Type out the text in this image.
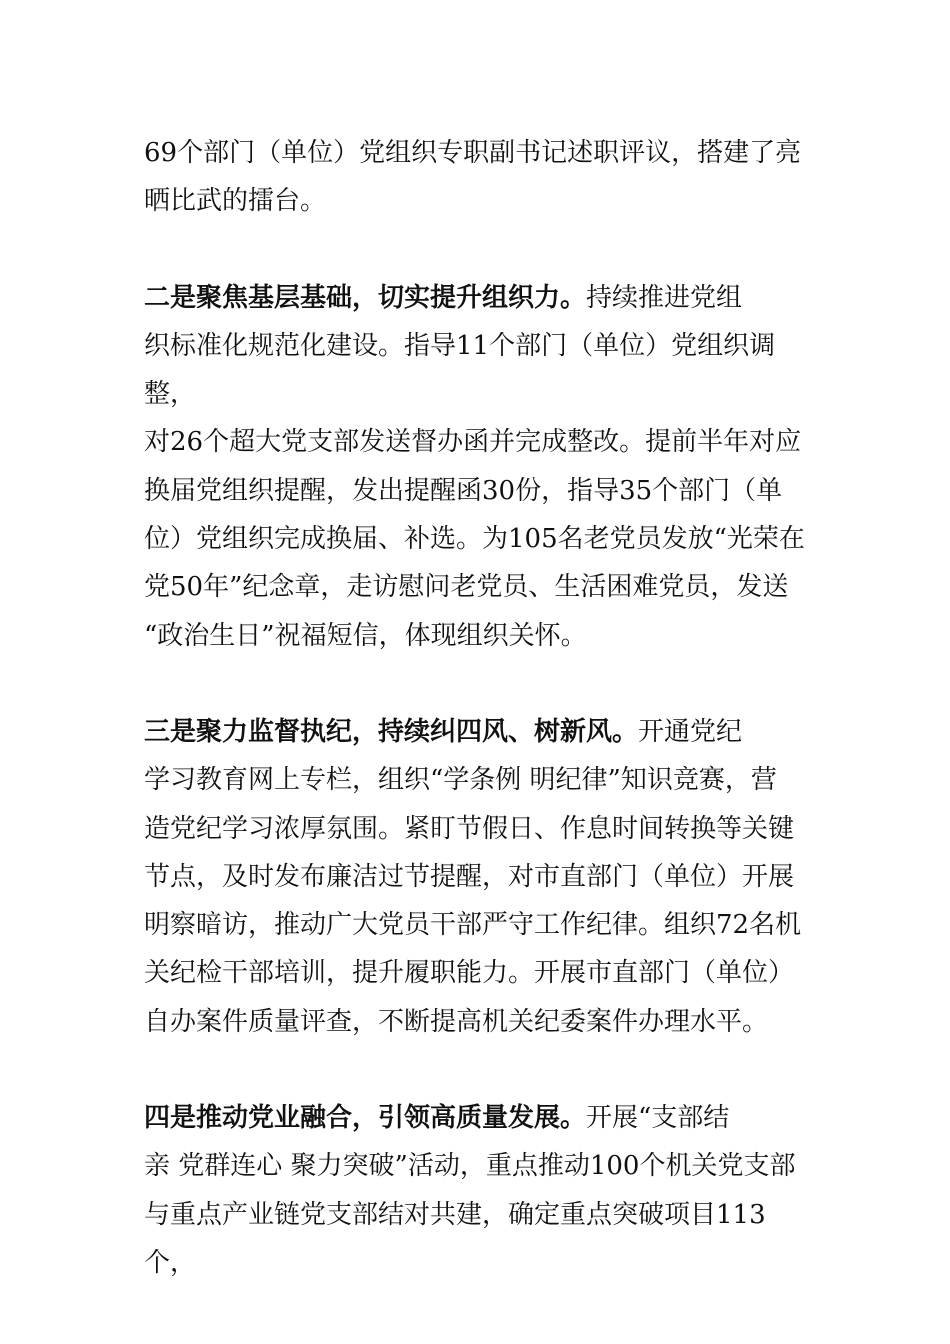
69个部门（单位）党组织专职副书记述职评议，搭建了亮
晒比武的擂台。

二是聚焦基层基础，切实提升组织力。持续推进党组
织标准化规范化建设。指导11个部门（单位）党组织调整，
对26个超大党支部发送督办函并完成整改。提前半年对应
换届党组织提醒，发出提醒函30份，指导35个部门（单
位）党组织完成换届、补选。为105名老党员发放“光荣在
党50年”纪念章，走访慰问老党员、生活困难党员，发送
“政治生日”祝福短信，体现组织关怀。

三是聚力监督执纪，持续纠四风、树新风。开通党纪
学习教育网上专栏，组织“学条例 明纪律”知识竞赛，营
造党纪学习浓厚氛围。紧盯节假日、作息时间转换等关键
节点，及时发布廉洁过节提醒，对市直部门（单位）开展
明察暗访，推动广大党员干部严守工作纪律。组织72名机
关纪检干部培训，提升履职能力。开展市直部门（单位）
自办案件质量评查，不断提高机关纪委案件办理水平。

四是推动党业融合，引领高质量发展。开展“支部结
亲 党群连心 聚力突破”活动，重点推动100个机关党支部
与重点产业链党支部结对共建，确定重点突破项目113个，
